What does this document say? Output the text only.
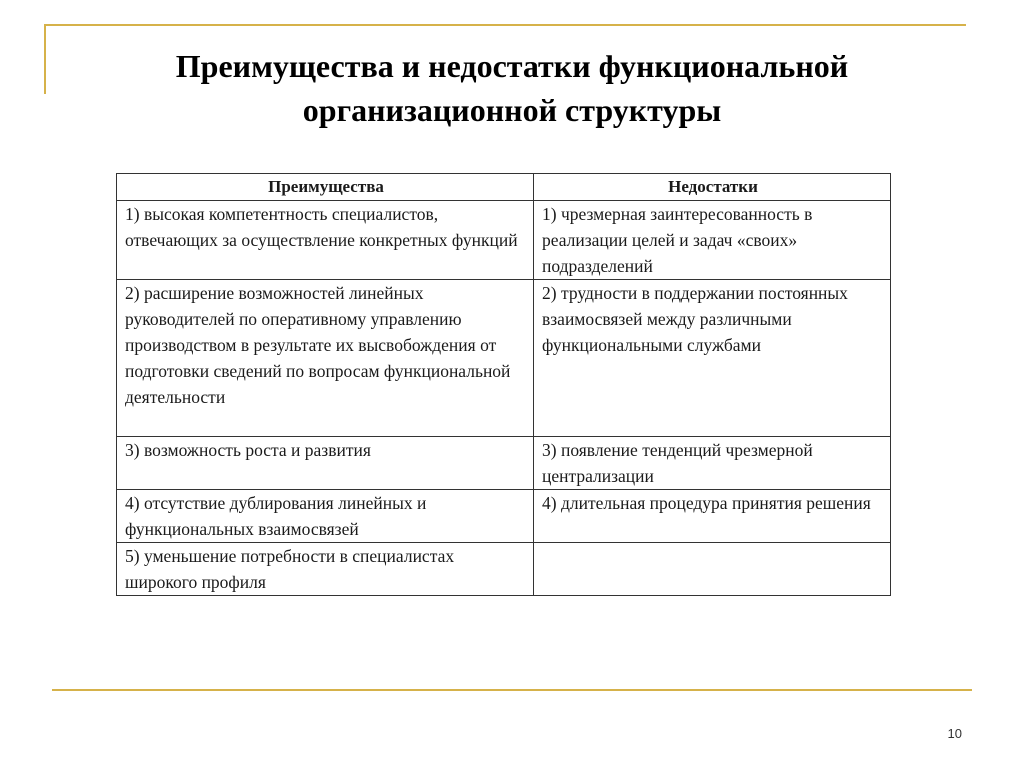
Преимущества и недостатки функциональной
организационной структуры
Преимущества	Недостатки
1) высокая компетентность специалистов, отвечающих за осуществление конкретных функций	1) чрезмерная заинтересованность в реализации целей и задач «своих» подразделений
2) расширение возможностей линейных руководителей по оперативному управлению производством в результате их высвобождения от подготовки сведений по вопросам функциональной деятельности	2) трудности в поддержании постоянных взаимосвязей между различными функциональными службами
3) возможность роста и развития	3) появление тенденций чрезмерной централизации
4) отсутствие дублирования линейных и функциональных взаимосвязей	4) длительная процедура принятия решения
5) уменьшение потребности в специалистах широкого профиля	
10
